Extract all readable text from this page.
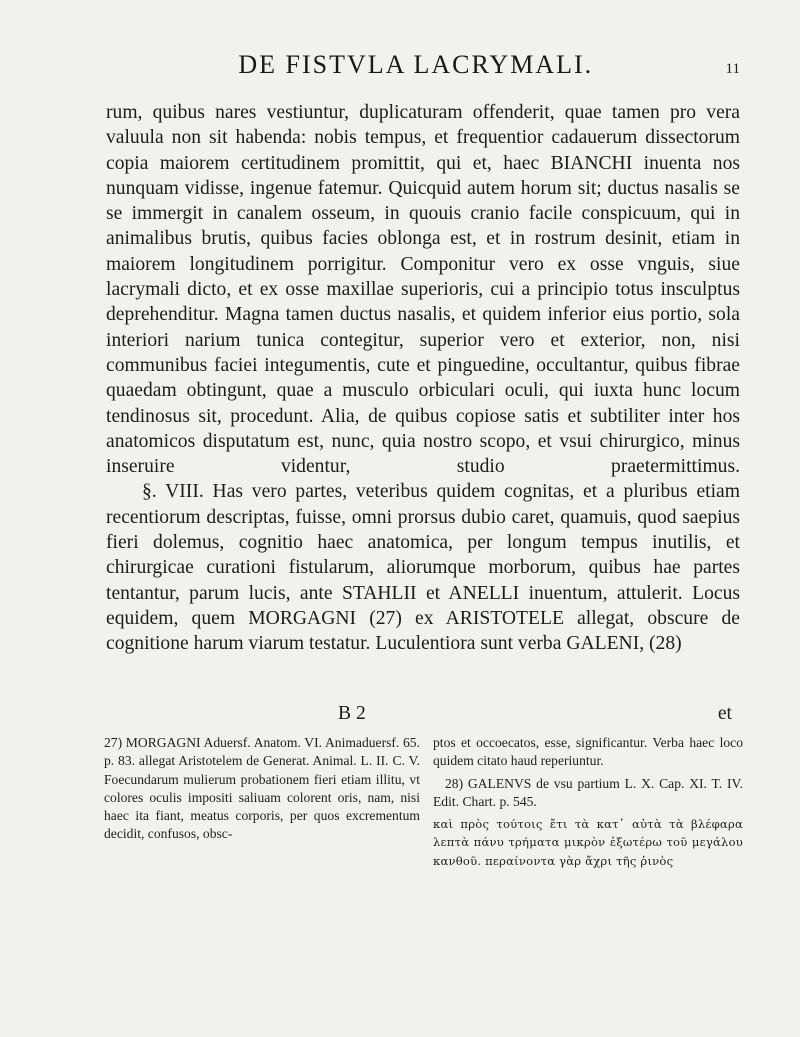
DE FISTVLA LACRYMALI.	11

rum, quibus nares vestiuntur, duplicaturam offenderit, quae tamen pro vera valuula non sit habenda: nobis tempus, et frequentior cadauerum dissectorum copia maiorem certitudinem promittit, qui et, haec BIANCHI inuenta nos nunquam vidisse, ingenue fatemur. Quicquid autem horum sit; ductus nasalis se se immergit in canalem osseum, in quouis cranio facile conspicuum, qui in animalibus brutis, quibus facies oblonga est, et in rostrum desinit, etiam in maiorem longitudinem porrigitur. Componitur vero ex osse vnguis, siue lacrymali dicto, et ex osse maxillae superioris, cui a principio totus insculptus deprehenditur. Magna tamen ductus nasalis, et quidem inferior eius portio, sola interiori narium tunica contegitur, superior vero et exterior, non, nisi communibus faciei integumentis, cute et pinguedine, occultantur, quibus fibrae quaedam obtingunt, quae a musculo orbiculari oculi, qui iuxta hunc locum tendinosus sit, procedunt. Alia, de quibus copiose satis et subtiliter inter hos anatomicos disputatum est, nunc, quia nostro scopo, et vsui chirurgico, minus inseruire videntur, studio praetermittimus.

§. VIII. Has vero partes, veteribus quidem cognitas, et a pluribus etiam recentiorum descriptas, fuisse, omni prorsus dubio caret, quamuis, quod saepius fieri dolemus, cognitio haec anatomica, per longum tempus inutilis, et chirurgicae curationi fistularum, aliorumque morborum, quibus hae partes tentantur, parum lucis, ante STAHLII et ANELLI inuentum, attulerit. Locus equidem, quem MORGAGNI (27) ex ARISTOTELE allegat, obscure de cognitione harum viarum testatur. Luculentiora sunt verba GALENI, (28)

B 2	et

27) MORGAGNI Aduersf. Anatom. VI. Animaduersf. 65. p. 83. allegat Aristotelem de Generat. Animal. L. II. C. V. Foecundarum mulierum probationem fieri etiam illitu, vt colores oculis impositi saliuam colorent oris, nam, nisi haec ita fiant, meatus corporis, per quos excrementum decidit, confusos, obsc-

ptos et occoecatos, esse, significantur. Verba haec loco quidem citato haud reperiuntur.

28) GALENVS de vsu partium L. X. Cap. XI. T. IV. Edit. Chart. p. 545.

καὶ πρὸς τούτοις ἔτι τὰ κατ᾽ αὐτὰ τὰ βλέφαρα λεπτὰ πάνυ τρήματα μικρὸν ἐξωτέρω τοῦ μεγάλου κανθοῦ. περαίνοντα γὰρ ἄχρι τῆς ῥινὸς
